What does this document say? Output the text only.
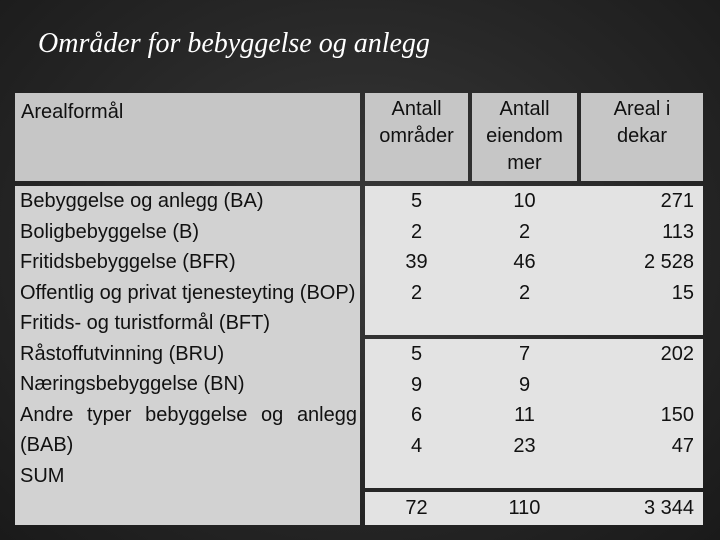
Områder for bebyggelse og anlegg
Arealformål	Antall
områder
Antall
eiendom
mer
Areal i
dekar
Bebyggelse og anlegg (BA)
Boligbebyggelse (B)
Fritidsbebyggelse (BFR)
Offentlig og privat tjenesteyting (BOP)
Fritids- og turistformål (BFT)
Råstoffutvinning (BRU)
Næringsbebyggelse (BN)
Andre typer bebyggelse og anlegg (BAB)
SUM
5
2
39
2
5
9
6
4
72
10
2
46
2
7
9
11
23
110
271
113
2 528
15
202
150
47
3 344
